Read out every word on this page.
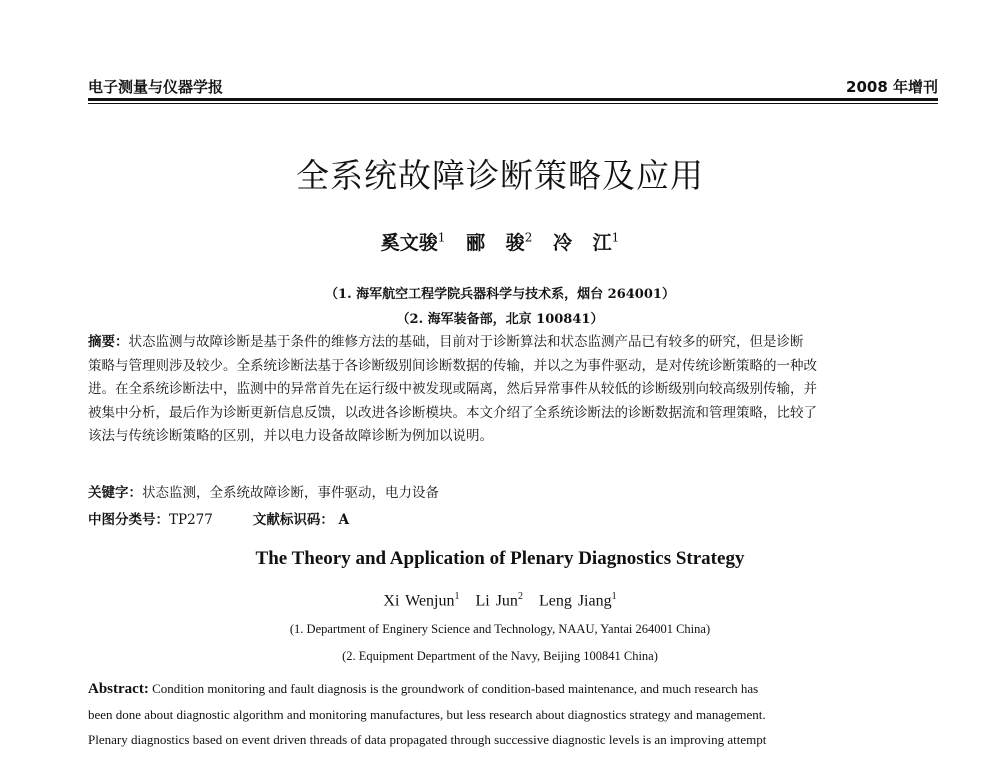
电子测量与仪器学报	2008 年增刊
全系统故障诊断策略及应用
奚文骏$^1$ 郦 骏$^2$ 冷 江$^1$
（1. 海军航空工程学院兵器科学与技术系，烟台 264001）
（2. 海军装备部，北京 100841）
摘要：状态监测与故障诊断是基于条件的维修方法的基础，目前对于诊断算法和状态监测产品已有较多的研究，但是诊断
策略与管理则涉及较少。全系统诊断法基于各诊断级别间诊断数据的传输，并以之为事件驱动，是对传统诊断策略的一种改
进。在全系统诊断法中，监测中的异常首先在运行级中被发现或隔离，然后异常事件从较低的诊断级别向较高级别传输，并
被集中分析，最后作为诊断更新信息反馈，以改进各诊断模块。本文介绍了全系统诊断法的诊断数据流和管理策略，比较了
该法与传统诊断策略的区别，并以电力设备故障诊断为例加以说明。
关键字：状态监测，全系统故障诊断，事件驱动，电力设备
中图分类号：TP277	文献标识码： A
The Theory and Application of Plenary Diagnostics Strategy
Xi Wenjun$^1$ Li Jun$^2$ Leng Jiang$^1$
(1. Department of Enginery Science and Technology, NAAU, Yantai 264001 China)
(2. Equipment Department of the Navy, Beijing 100841 China)
Abstract: Condition monitoring and fault diagnosis is the groundwork of condition-based maintenance, and much research has
been done about diagnostic algorithm and monitoring manufactures, but less research about diagnostics strategy and management.
Plenary diagnostics based on event driven threads of data propagated through successive diagnostic levels is an improving attempt
